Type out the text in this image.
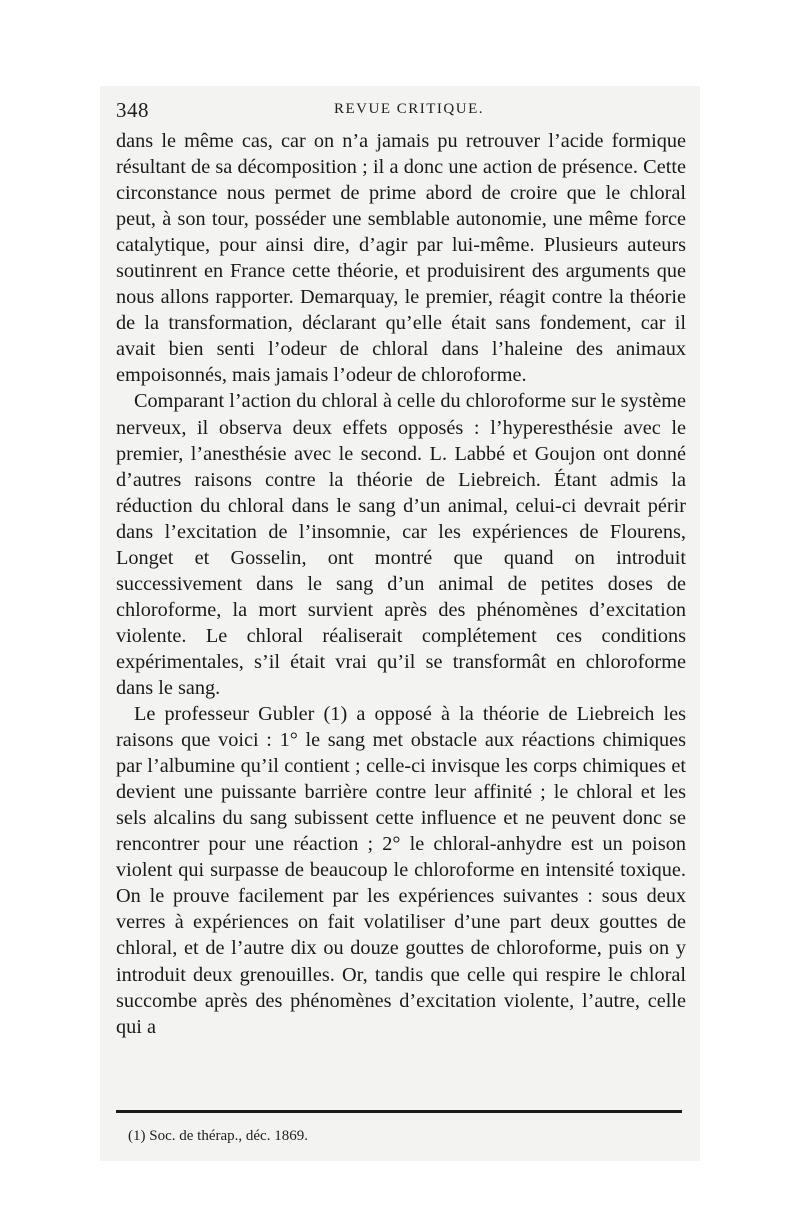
348	REVUE CRITIQUE.

dans le même cas, car on n’a jamais pu retrouver l’acide formique résultant de sa décomposition ; il a donc une action de présence. Cette circonstance nous permet de prime abord de croire que le chloral peut, à son tour, posséder une semblable autonomie, une même force catalytique, pour ainsi dire, d’agir par lui-même. Plusieurs auteurs soutinrent en France cette théorie, et produisirent des arguments que nous allons rapporter. Demarquay, le premier, réagit contre la théorie de la transformation, déclarant qu’elle était sans fondement, car il avait bien senti l’odeur de chloral dans l’haleine des animaux empoisonnés, mais jamais l’odeur de chloroforme.

Comparant l’action du chloral à celle du chloroforme sur le système nerveux, il observa deux effets opposés : l’hyperesthésie avec le premier, l’anesthésie avec le second. L. Labbé et Goujon ont donné d’autres raisons contre la théorie de Liebreich. Étant admis la réduction du chloral dans le sang d’un animal, celui-ci devrait périr dans l’excitation de l’insomnie, car les expériences de Flourens, Longet et Gosselin, ont montré que quand on introduit successivement dans le sang d’un animal de petites doses de chloroforme, la mort survient après des phénomènes d’excitation violente. Le chloral réaliserait complétement ces conditions expérimentales, s’il était vrai qu’il se transformât en chloroforme dans le sang.

Le professeur Gubler (1) a opposé à la théorie de Liebreich les raisons que voici : 1° le sang met obstacle aux réactions chimiques par l’albumine qu’il contient ; celle-ci invisque les corps chimiques et devient une puissante barrière contre leur affinité ; le chloral et les sels alcalins du sang subissent cette influence et ne peuvent donc se rencontrer pour une réaction ; 2° le chloral-anhydre est un poison violent qui surpasse de beaucoup le chloroforme en intensité toxique. On le prouve facilement par les expériences suivantes : sous deux verres à expériences on fait volatiliser d’une part deux gouttes de chloral, et de l’autre dix ou douze gouttes de chloroforme, puis on y introduit deux grenouilles. Or, tandis que celle qui respire le chloral succombe après des phénomènes d’excitation violente, l’autre, celle qui a

(1) Soc. de thérap., déc. 1869.
